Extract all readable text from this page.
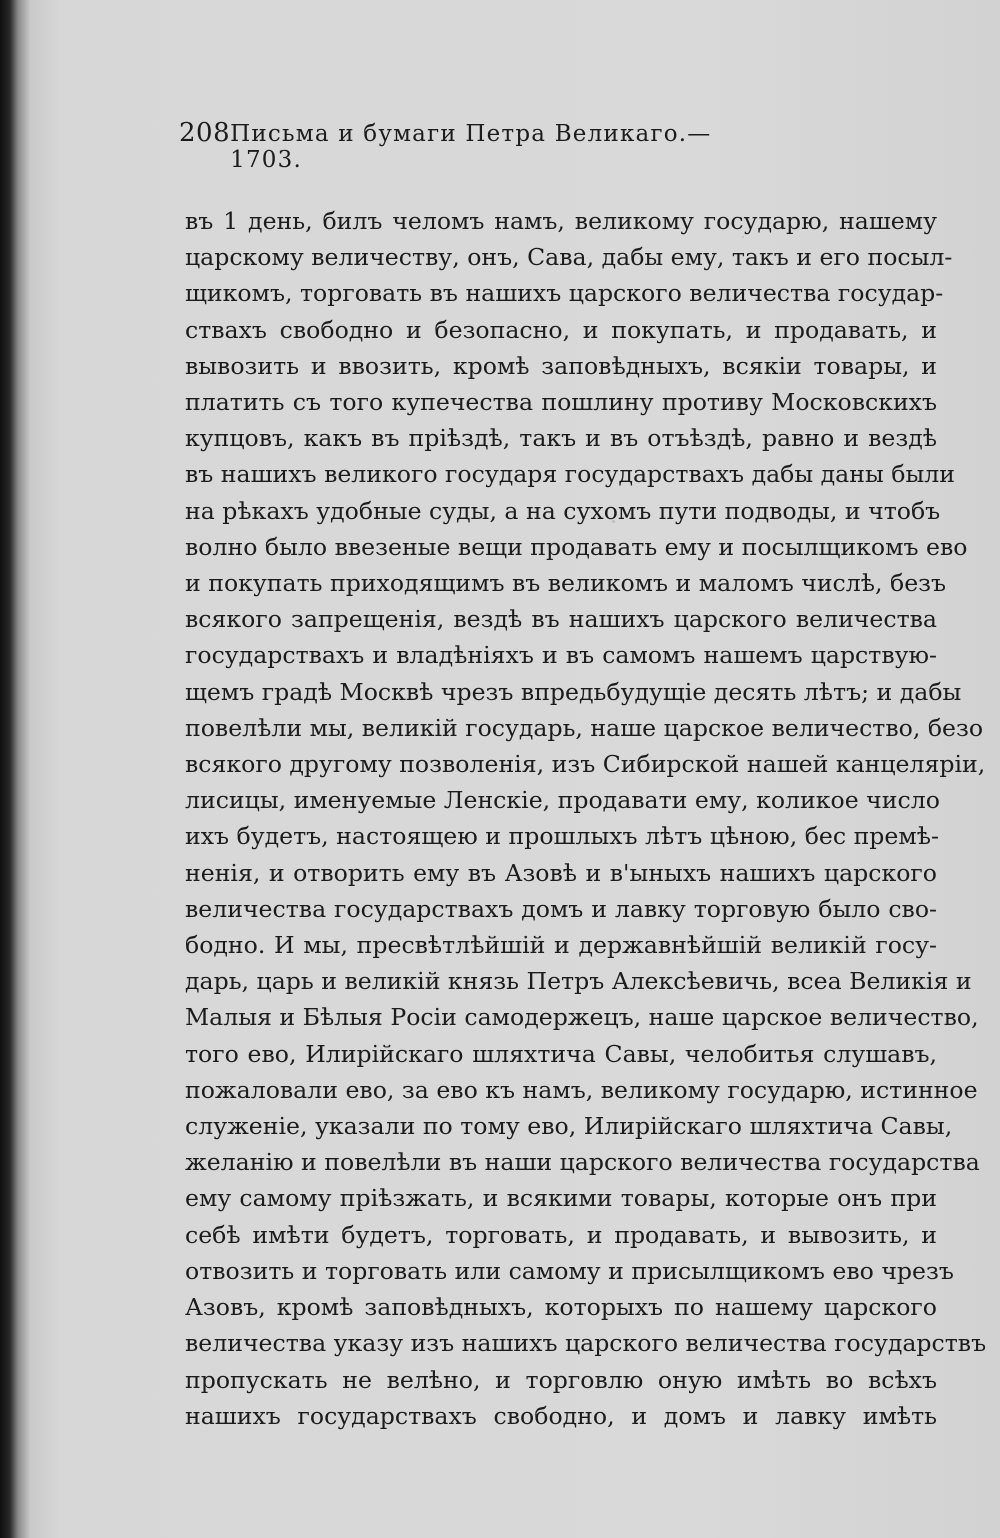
208 Письма и бумаги Петра Великаго.—1703.
въ 1 день, билъ челомъ намъ, великому государю, нашему
царскому величеству, онъ, Сава, дабы ему, такъ и его посыл-
щикомъ, торговать въ нашихъ царского величества государ-
ствахъ свободно и безопасно, и покупать, и продавать, и
вывозить и ввозить, кромѣ заповѣдныхъ, всякiи товары, и
платить съ того купечества пошлину противу Московскихъ
купцовъ, какъ въ прiѣздѣ, такъ и въ отъѣздѣ, равно и вездѣ
въ нашихъ великого государя государствахъ дабы даны были
на рѣкахъ удобные суды, а на сухомъ пути подводы, и чтобъ
волно было ввезеные вещи продавать ему и посылщикомъ ево
и покупать приходящимъ въ великомъ и маломъ числѣ, безъ
всякого запрещенiя, вездѣ въ нашихъ царского величества
государствахъ и владѣнiяхъ и въ самомъ нашемъ царствую-
щемъ градѣ Москвѣ чрезъ впредьбудущiе десять лѣтъ; и дабы
повелѣли мы, великiй государь, наше царское величество, безо
всякого другому позволенiя, изъ Сибирской нашей канцелярiи,
лисицы, именуемые Ленскiе, продавати ему, коликое число
ихъ будетъ, настоящею и прошлыхъ лѣтъ цѣною, бес премѣ-
ненiя, и отворить ему въ Азовѣ и в'ыныхъ нашихъ царского
величества государствахъ домъ и лавку торговую было сво-
бодно. И мы, пресвѣтлѣйшiй и державнѣйшiй великiй госу-
дарь, царь и великiй князь Петръ Алексѣевичь, всеа Великiя и
Малыя и Бѣлыя Росiи самодержецъ, наше царское величество,
того ево, Илирiйскаго шляхтича Савы, челобитья слушавъ,
пожаловали ево, за ево къ намъ, великому государю, истинное
служенiе, указали по тому ево, Илирiйскаго шляхтича Савы,
желанiю и повелѣли въ наши царского величества государства
ему самому прiѣзжать, и всякими товары, которые онъ при
себѣ имѣти будетъ, торговать, и продавать, и вывозить, и
отвозить и торговать или самому и присылщикомъ ево чрезъ
Азовъ, кромѣ заповѣдныхъ, которыхъ по нашему царского
величества указу изъ нашихъ царского величества государствъ
пропускать не велѣно, и торговлю оную имѣть во всѣхъ
нашихъ государствахъ свободно, и домъ и лавку имѣть
